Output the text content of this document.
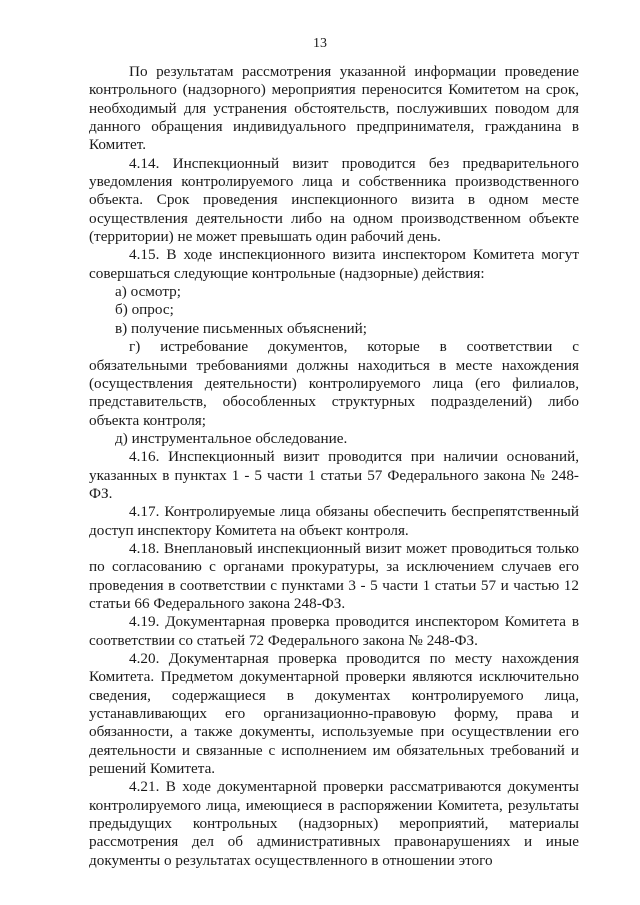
13

По результатам рассмотрения указанной информации проведение контрольного (надзорного) мероприятия переносится Комитетом на срок, необходимый для устранения обстоятельств, послуживших поводом для данного обращения индивидуального предпринимателя, гражданина в Комитет.

4.14. Инспекционный визит проводится без предварительного уведомления контролируемого лица и собственника производственного объекта. Срок проведения инспекционного визита в одном месте осуществления деятельности либо на одном производственном объекте (территории) не может превышать один рабочий день.

4.15. В ходе инспекционного визита инспектором Комитета могут совершаться следующие контрольные (надзорные) действия:

а) осмотр;

б) опрос;

в) получение письменных объяснений;

г) истребование документов, которые в соответствии с обязательными требованиями должны находиться в месте нахождения (осуществления деятельности) контролируемого лица (его филиалов, представительств, обособленных структурных подразделений) либо объекта контроля;

д) инструментальное обследование.

4.16. Инспекционный визит проводится при наличии оснований, указанных в пунктах 1 - 5 части 1 статьи 57 Федерального закона № 248-ФЗ.

4.17. Контролируемые лица обязаны обеспечить беспрепятственный доступ инспектору Комитета на объект контроля.

4.18. Внеплановый инспекционный визит может проводиться только по согласованию с органами прокуратуры, за исключением случаев его проведения в соответствии с пунктами 3 - 5 части 1 статьи 57 и частью 12 статьи 66 Федерального закона 248-ФЗ.

4.19. Документарная проверка проводится инспектором Комитета в соответствии со статьей 72 Федерального закона № 248-ФЗ.

4.20. Документарная проверка проводится по месту нахождения Комитета. Предметом документарной проверки являются исключительно сведения, содержащиеся в документах контролируемого лица, устанавливающих его организационно-правовую форму, права и обязанности, а также документы, используемые при осуществлении его деятельности и связанные с исполнением им обязательных требований и решений Комитета.

4.21. В ходе документарной проверки рассматриваются документы контролируемого лица, имеющиеся в распоряжении Комитета, результаты предыдущих контрольных (надзорных) мероприятий, материалы рассмотрения дел об административных правонарушениях и иные документы о результатах осуществленного в отношении этого
